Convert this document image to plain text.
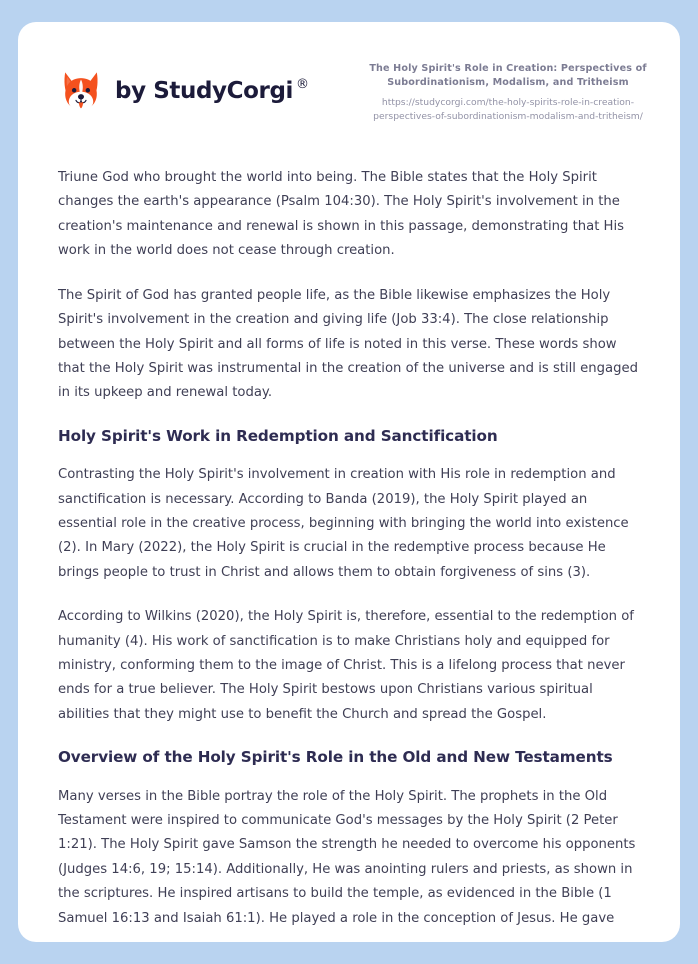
by StudyCorgi ®

The Holy Spirit's Role in Creation: Perspectives of Subordinationism, Modalism, and Tritheism

https://studycorgi.com/the-holy-spirits-role-in-creation-perspectives-of-subordinationism-modalism-and-tritheism/

Triune God who brought the world into being. The Bible states that the Holy Spirit changes the earth's appearance (Psalm 104:30). The Holy Spirit's involvement in the creation's maintenance and renewal is shown in this passage, demonstrating that His work in the world does not cease through creation.

The Spirit of God has granted people life, as the Bible likewise emphasizes the Holy Spirit's involvement in the creation and giving life (Job 33:4). The close relationship between the Holy Spirit and all forms of life is noted in this verse. These words show that the Holy Spirit was instrumental in the creation of the universe and is still engaged in its upkeep and renewal today.

Holy Spirit's Work in Redemption and Sanctification

Contrasting the Holy Spirit's involvement in creation with His role in redemption and sanctification is necessary. According to Banda (2019), the Holy Spirit played an essential role in the creative process, beginning with bringing the world into existence (2). In Mary (2022), the Holy Spirit is crucial in the redemptive process because He brings people to trust in Christ and allows them to obtain forgiveness of sins (3).

According to Wilkins (2020), the Holy Spirit is, therefore, essential to the redemption of humanity (4). His work of sanctification is to make Christians holy and equipped for ministry, conforming them to the image of Christ. This is a lifelong process that never ends for a true believer. The Holy Spirit bestows upon Christians various spiritual abilities that they might use to benefit the Church and spread the Gospel.

Overview of the Holy Spirit's Role in the Old and New Testaments

Many verses in the Bible portray the role of the Holy Spirit. The prophets in the Old Testament were inspired to communicate God's messages by the Holy Spirit (2 Peter 1:21). The Holy Spirit gave Samson the strength he needed to overcome his opponents (Judges 14:6, 19; 15:14). Additionally, He was anointing rulers and priests, as shown in the scriptures. He inspired artisans to build the temple, as evidenced in the Bible (1 Samuel 16:13 and Isaiah 61:1). He played a role in the conception of Jesus. He gave
